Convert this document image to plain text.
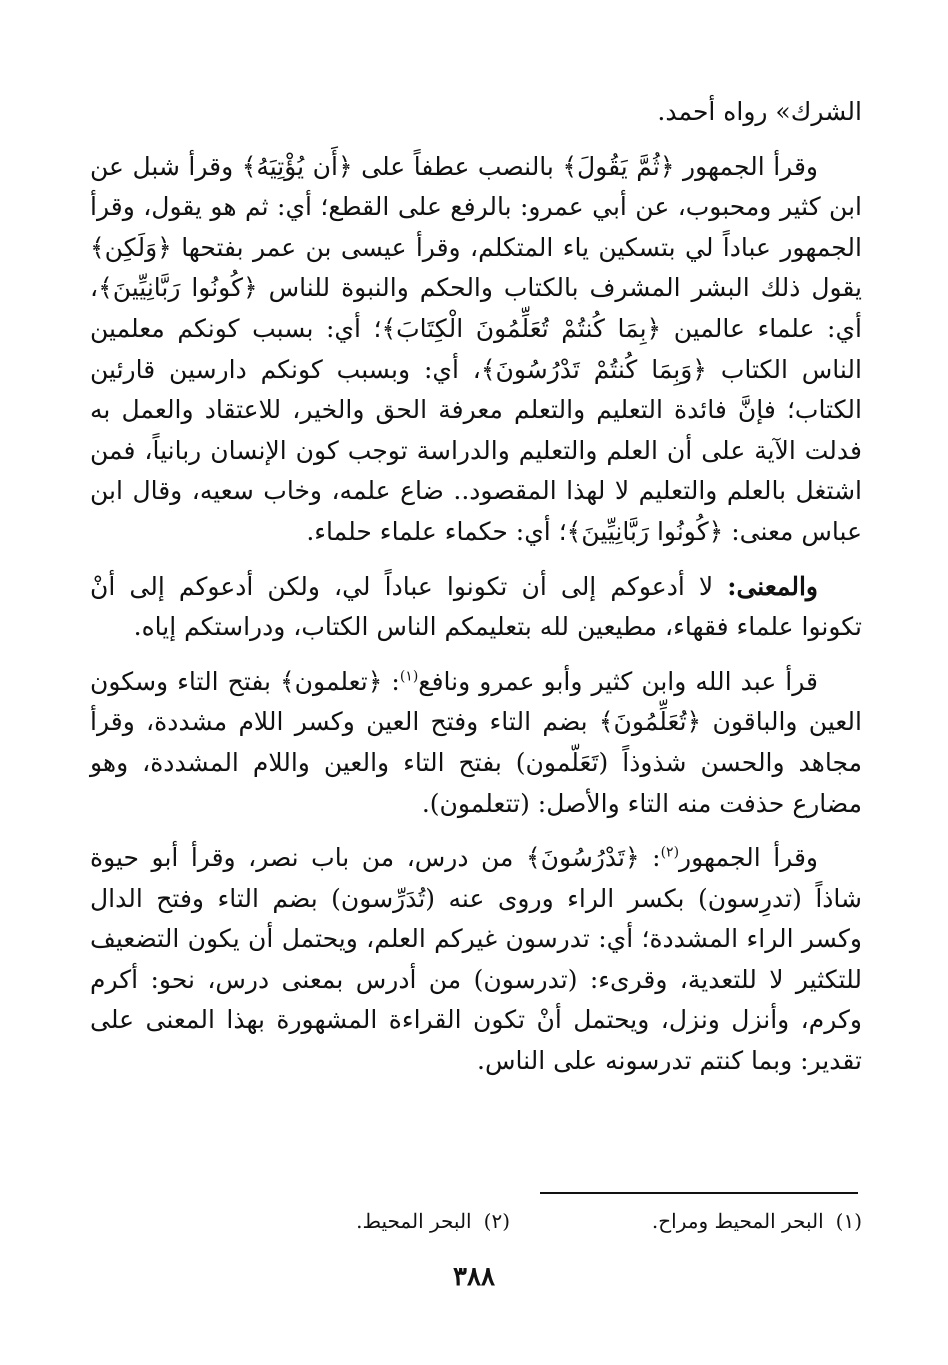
الشرك» رواه أحمد.

وقرأ الجمهور ﴿ثُمَّ يَقُولَ﴾ بالنصب عطفاً على ﴿أَن يُؤْتِيَهُ﴾ وقرأ شبل عن ابن كثير ومحبوب، عن أبي عمرو: بالرفع على القطع؛ أي: ثم هو يقول، وقرأ الجمهور عباداً لي بتسكين ياء المتكلم، وقرأ عيسى بن عمر بفتحها ﴿وَلَكِن﴾ يقول ذلك البشر المشرف بالكتاب والحكم والنبوة للناس ﴿كُونُوا رَبَّانِيِّينَ﴾، أي: علماء عالمين ﴿بِمَا كُنتُمْ تُعَلِّمُونَ الْكِتَابَ﴾؛ أي: بسبب كونكم معلمين الناس الكتاب ﴿وَبِمَا كُنتُمْ تَدْرُسُونَ﴾، أي: وبسبب كونكم دارسين قارئين الكتاب؛ فإنَّ فائدة التعليم والتعلم معرفة الحق والخير، للاعتقاد والعمل به فدلت الآية على أن العلم والتعليم والدراسة توجب كون الإنسان ربانياً، فمن اشتغل بالعلم والتعليم لا لهذا المقصود.. ضاع علمه، وخاب سعيه، وقال ابن عباس معنى: ﴿كُونُوا رَبَّانِيِّينَ﴾؛ أي: حكماء علماء حلماء.

والمعنى: لا أدعوكم إلى أن تكونوا عباداً لي، ولكن أدعوكم إلى أنْ تكونوا علماء فقهاء، مطيعين لله بتعليمكم الناس الكتاب، ودراستكم إياه.

قرأ عبد الله وابن كثير وأبو عمرو ونافع$^{(١)}$: ﴿تعلمون﴾ بفتح التاء وسكون العين والباقون ﴿تُعَلِّمُونَ﴾ بضم التاء وفتح العين وكسر اللام مشددة، وقرأ مجاهد والحسن شذوذاً (تَعَلّمون) بفتح التاء والعين واللام المشددة، وهو مضارع حذفت منه التاء والأصل: (تتعلمون).

وقرأ الجمهور$^{(٢)}$: ﴿تَدْرُسُونَ﴾ من درس، من باب نصر، وقرأ أبو حيوة شاذاً (تدرِسون) بكسر الراء وروى عنه (تُدَرِّسون) بضم التاء وفتح الدال وكسر الراء المشددة؛ أي: تدرسون غيركم العلم، ويحتمل أن يكون التضعيف للتكثير لا للتعدية، وقرىء: (تدرسون) من أدرس بمعنى درس، نحو: أكرم وكرم، وأنزل ونزل، ويحتمل أنْ تكون القراءة المشهورة بهذا المعنى على تقدير: وبما كنتم تدرسونه على الناس.

(١)البحر المحيط ومراح.
(٢)البحر المحيط.
٣٨٨
